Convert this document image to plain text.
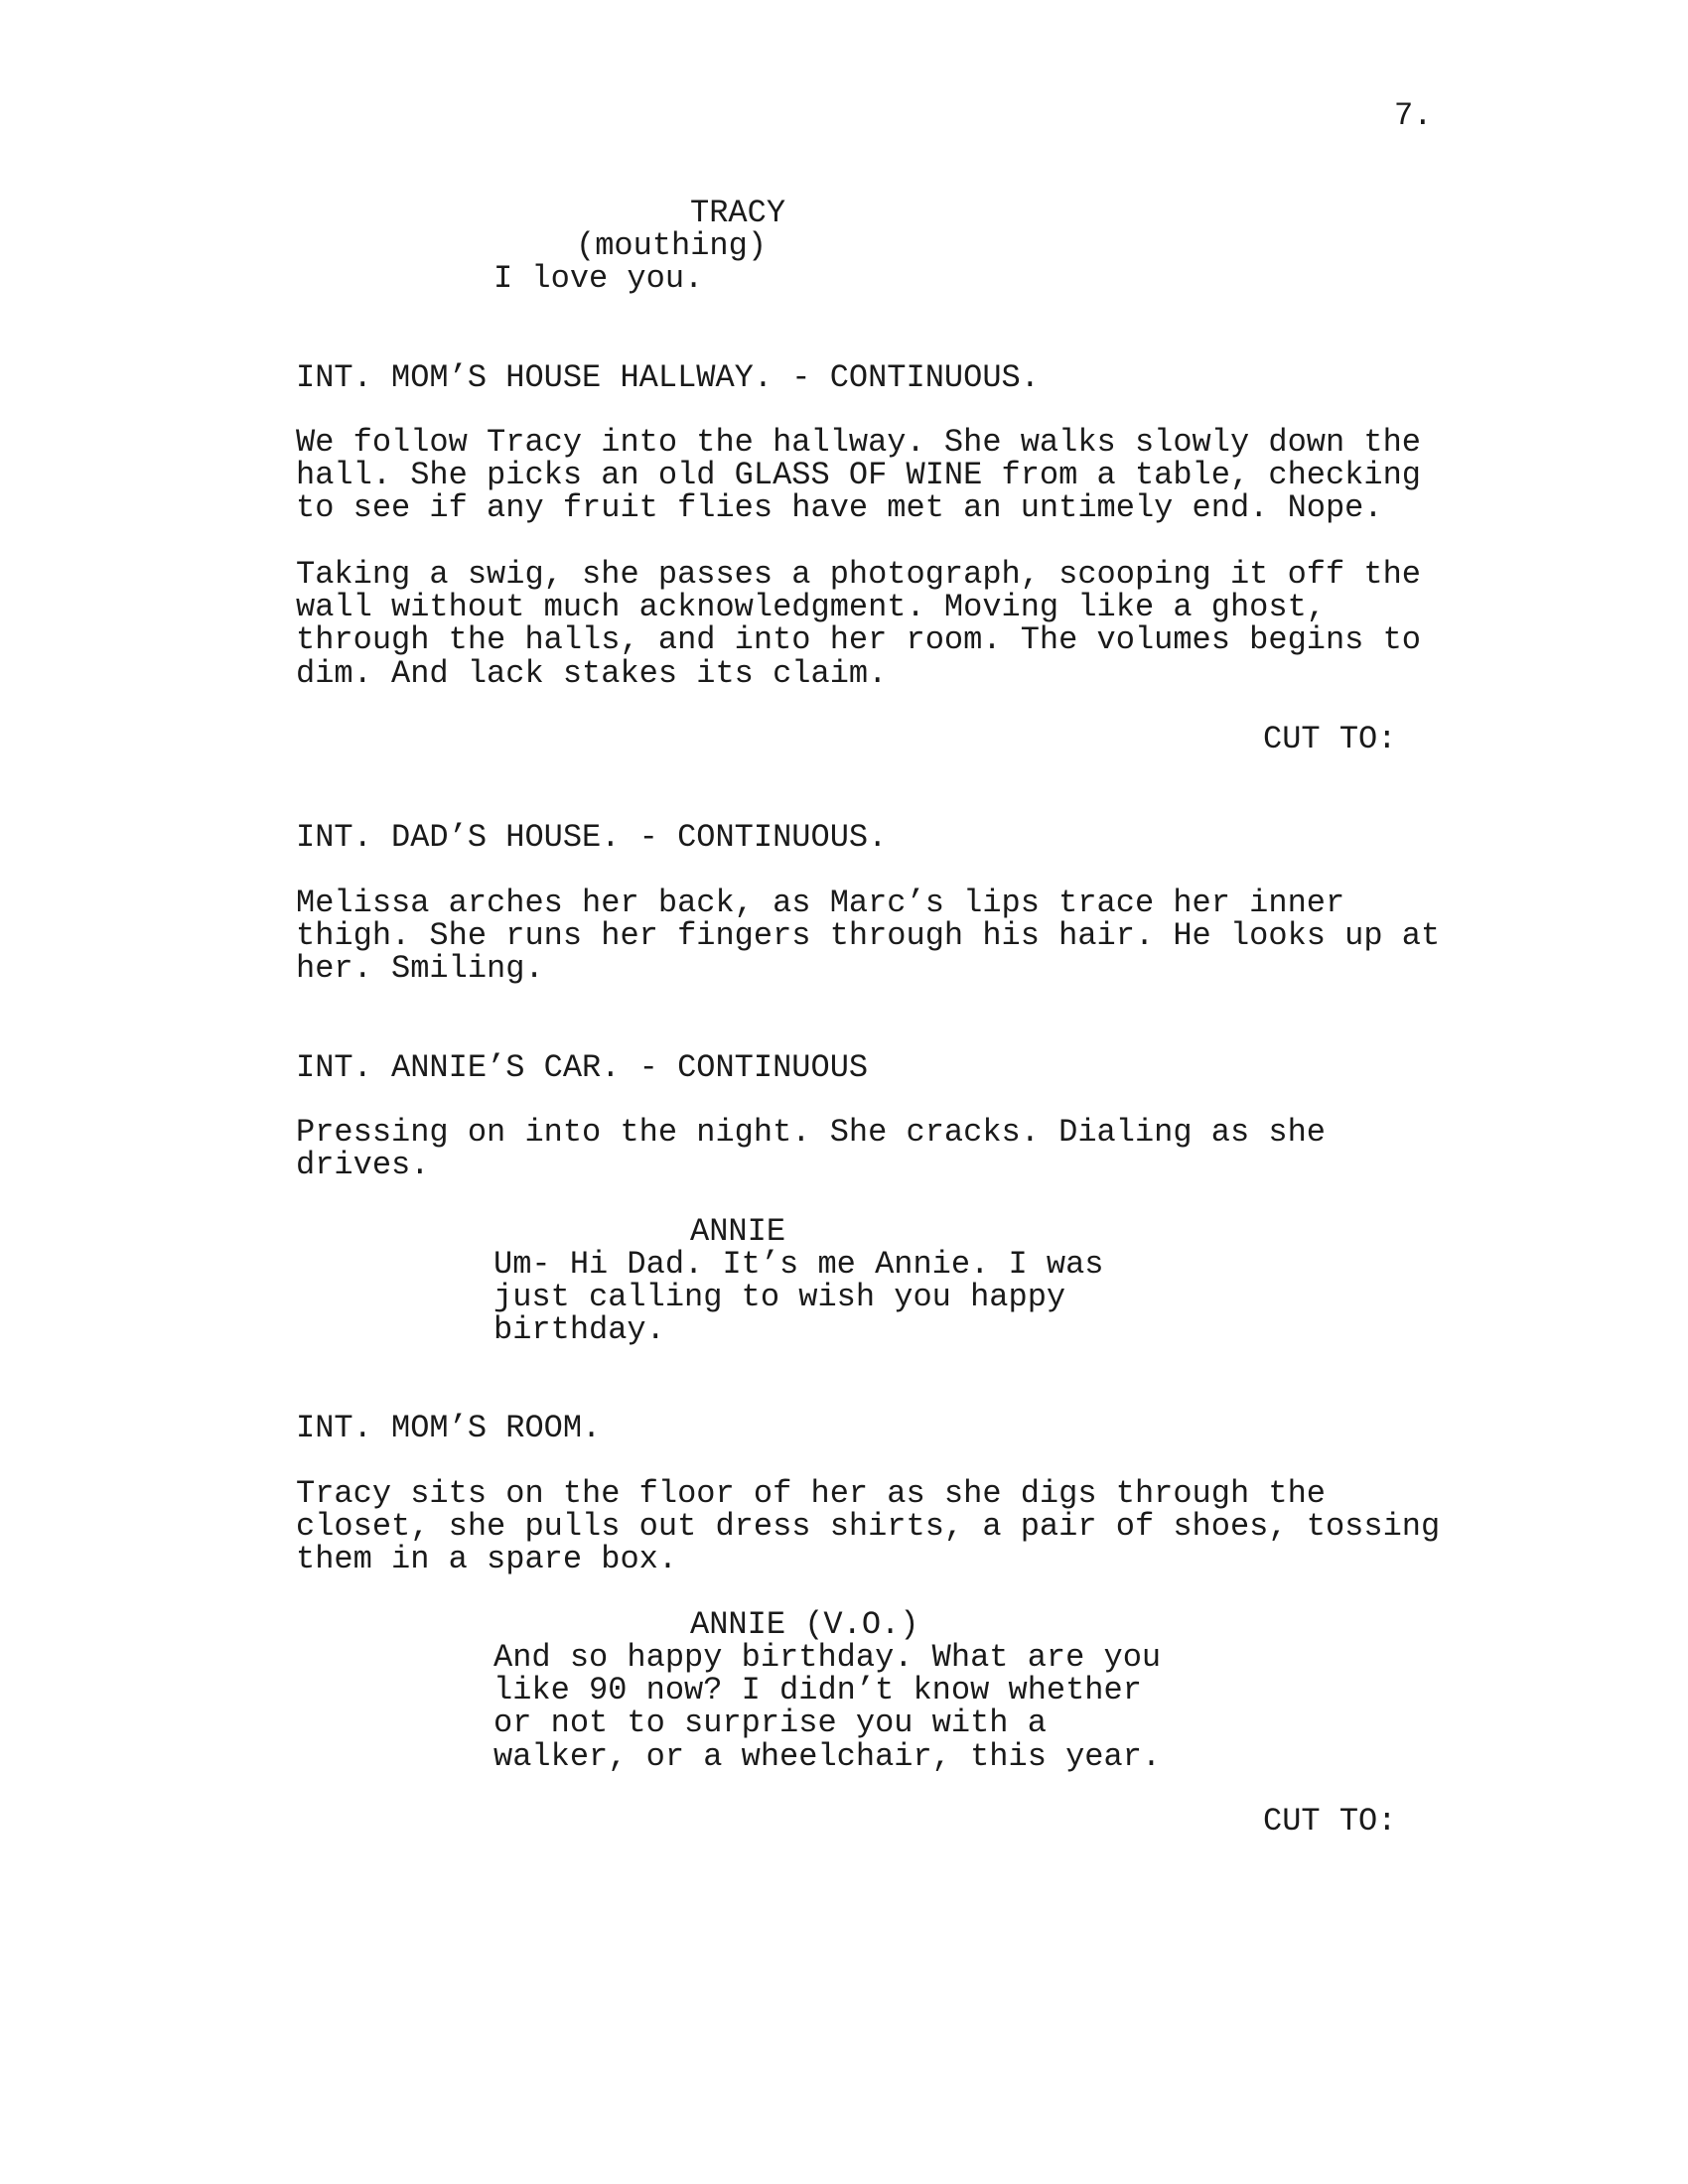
7.
TRACY
(mouthing)
I love you.
INT. MOM’S HOUSE HALLWAY. - CONTINUOUS.
We follow Tracy into the hallway. She walks slowly down the
hall. She picks an old GLASS OF WINE from a table, checking
to see if any fruit flies have met an untimely end. Nope.
Taking a swig, she passes a photograph, scooping it off the
wall without much acknowledgment. Moving like a ghost,
through the halls, and into her room. The volumes begins to
dim. And lack stakes its claim.
CUT TO:
INT. DAD’S HOUSE. - CONTINUOUS.
Melissa arches her back, as Marc’s lips trace her inner
thigh. She runs her fingers through his hair. He looks up at
her. Smiling.
INT. ANNIE’S CAR. - CONTINUOUS
Pressing on into the night. She cracks. Dialing as she
drives.
ANNIE
Um- Hi Dad. It’s me Annie. I was
just calling to wish you happy
birthday.
INT. MOM’S ROOM.
Tracy sits on the floor of her as she digs through the
closet, she pulls out dress shirts, a pair of shoes, tossing
them in a spare box.
ANNIE (V.O.)
And so happy birthday. What are you
like 90 now? I didn’t know whether
or not to surprise you with a
walker, or a wheelchair, this year.
CUT TO:
